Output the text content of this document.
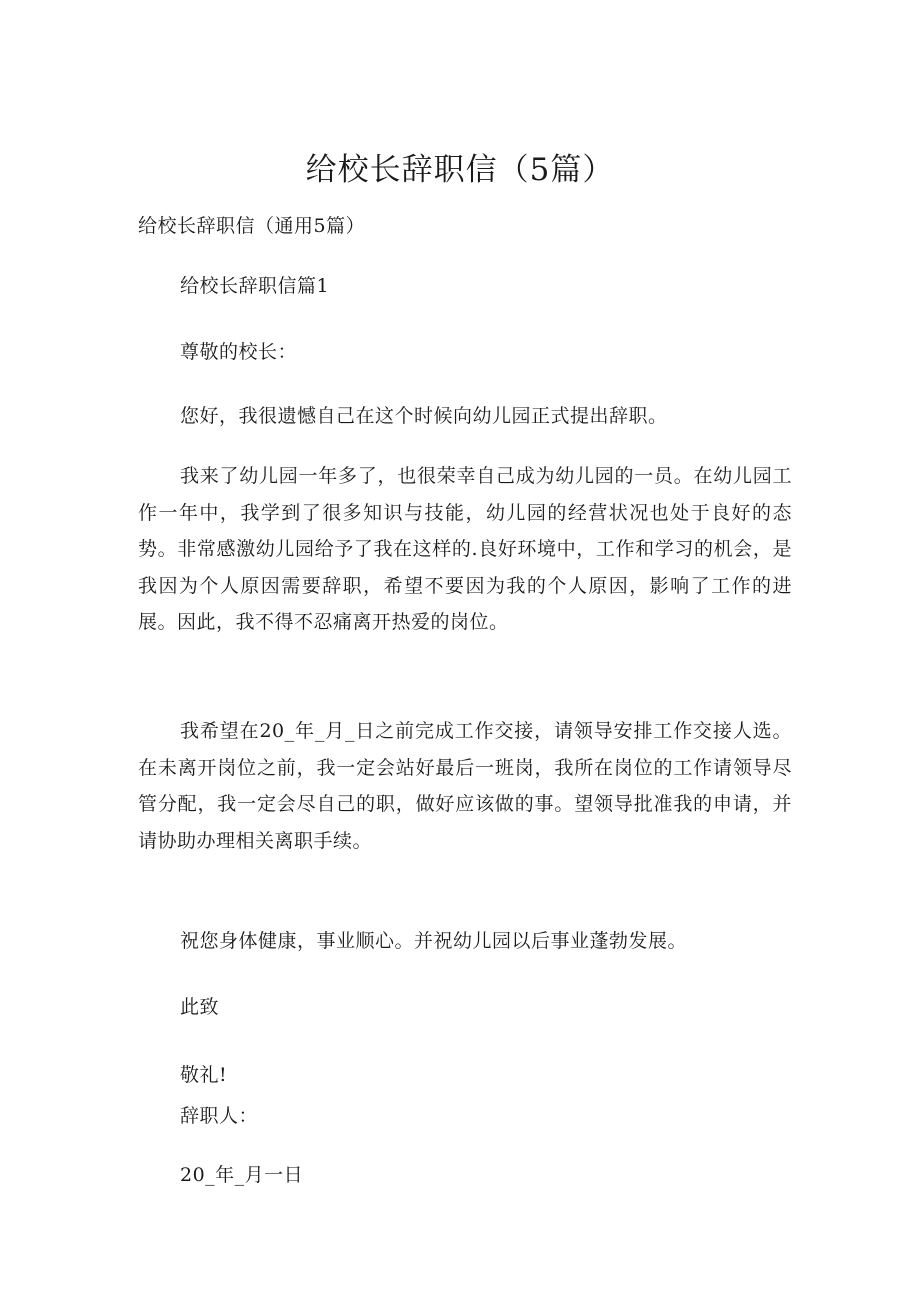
给校长辞职信（5篇）
给校长辞职信（通用5篇）
给校长辞职信篇1
尊敬的校长：
您好，我很遗憾自己在这个时候向幼儿园正式提出辞职。
我来了幼儿园一年多了，也很荣幸自己成为幼儿园的一员。在幼儿园工作一年中，我学到了很多知识与技能，幼儿园的经营状况也处于良好的态势。非常感激幼儿园给予了我在这样的.良好环境中，工作和学习的机会，是我因为个人原因需要辞职，希望不要因为我的个人原因，影响了工作的进展。因此，我不得不忍痛离开热爱的岗位。
我希望在20_年_月_日之前完成工作交接，请领导安排工作交接人选。在未离开岗位之前，我一定会站好最后一班岗，我所在岗位的工作请领导尽管分配，我一定会尽自己的职，做好应该做的事。望领导批准我的申请，并请协助办理相关离职手续。
祝您身体健康，事业顺心。并祝幼儿园以后事业蓬勃发展。
此致
敬礼!
辞职人：
20_年_月一日
